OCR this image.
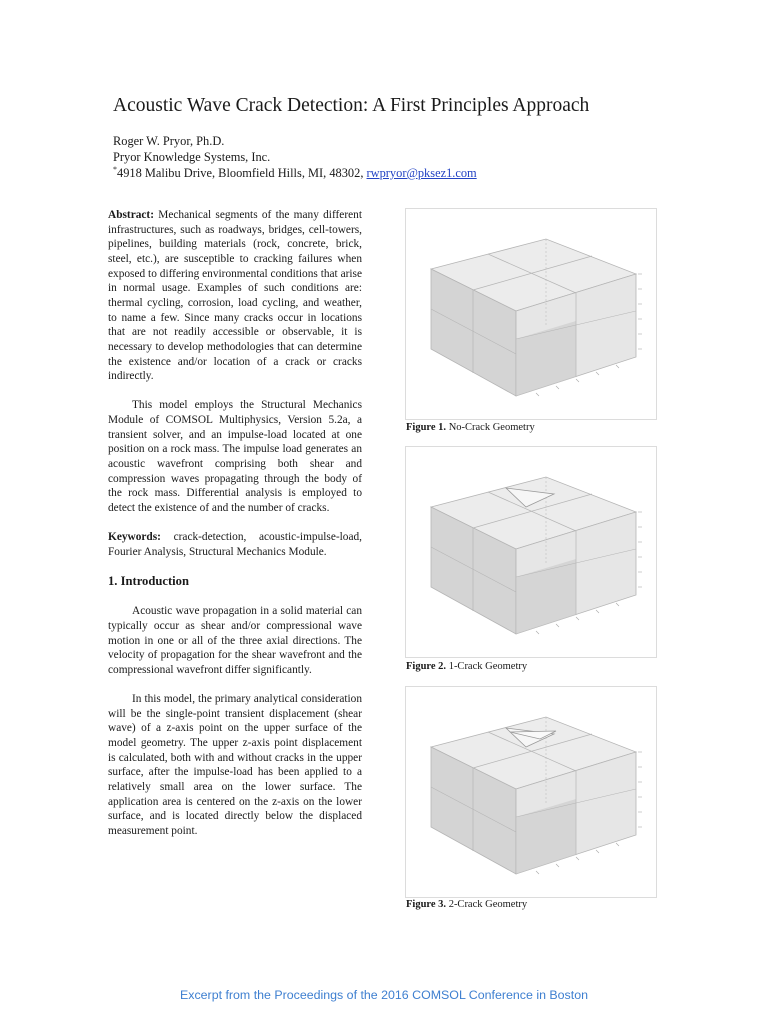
Acoustic Wave Crack Detection: A First Principles Approach
Roger W. Pryor, Ph.D.
Pryor Knowledge Systems, Inc.
*4918 Malibu Drive, Bloomfield Hills, MI, 48302, rwpryor@pksez1.com

Abstract: Mechanical segments of the many different infrastructures, such as roadways, bridges, cell-towers, pipelines, building materials (rock, concrete, brick, steel, etc.), are susceptible to cracking failures when exposed to differing environmental conditions that arise in normal usage. Examples of such conditions are: thermal cycling, corrosion, load cycling, and weather, to name a few. Since many cracks occur in locations that are not readily accessible or observable, it is necessary to develop methodologies that can determine the existence and/or location of a crack or cracks indirectly.

This model employs the Structural Mechanics Module of COMSOL Multiphysics, Version 5.2a, a transient solver, and an impulse-load located at one position on a rock mass. The impulse load generates an acoustic wavefront comprising both shear and compression waves propagating through the body of the rock mass. Differential analysis is employed to detect the existence of and the number of cracks.

Keywords: crack-detection, acoustic-impulse-load, Fourier Analysis, Structural Mechanics Module.

1. Introduction

Acoustic wave propagation in a solid material can typically occur as shear and/or compressional wave motion in one or all of the three axial directions. The velocity of propagation for the shear wavefront and the compressional wavefront differ significantly.

In this model, the primary analytical consideration will be the single-point transient displacement (shear wave) of a z-axis point on the upper surface of the model geometry. The upper z-axis point displacement is calculated, both with and without cracks in the upper surface, after the impulse-load has been applied to a relatively small area on the lower surface. The application area is centered on the z-axis on the lower surface, and is located directly below the displaced measurement point.

Figure 1. No-Crack Geometry
Figure 2. 1-Crack Geometry
Figure 3. 2-Crack Geometry
Excerpt from the Proceedings of the 2016 COMSOL Conference in Boston
